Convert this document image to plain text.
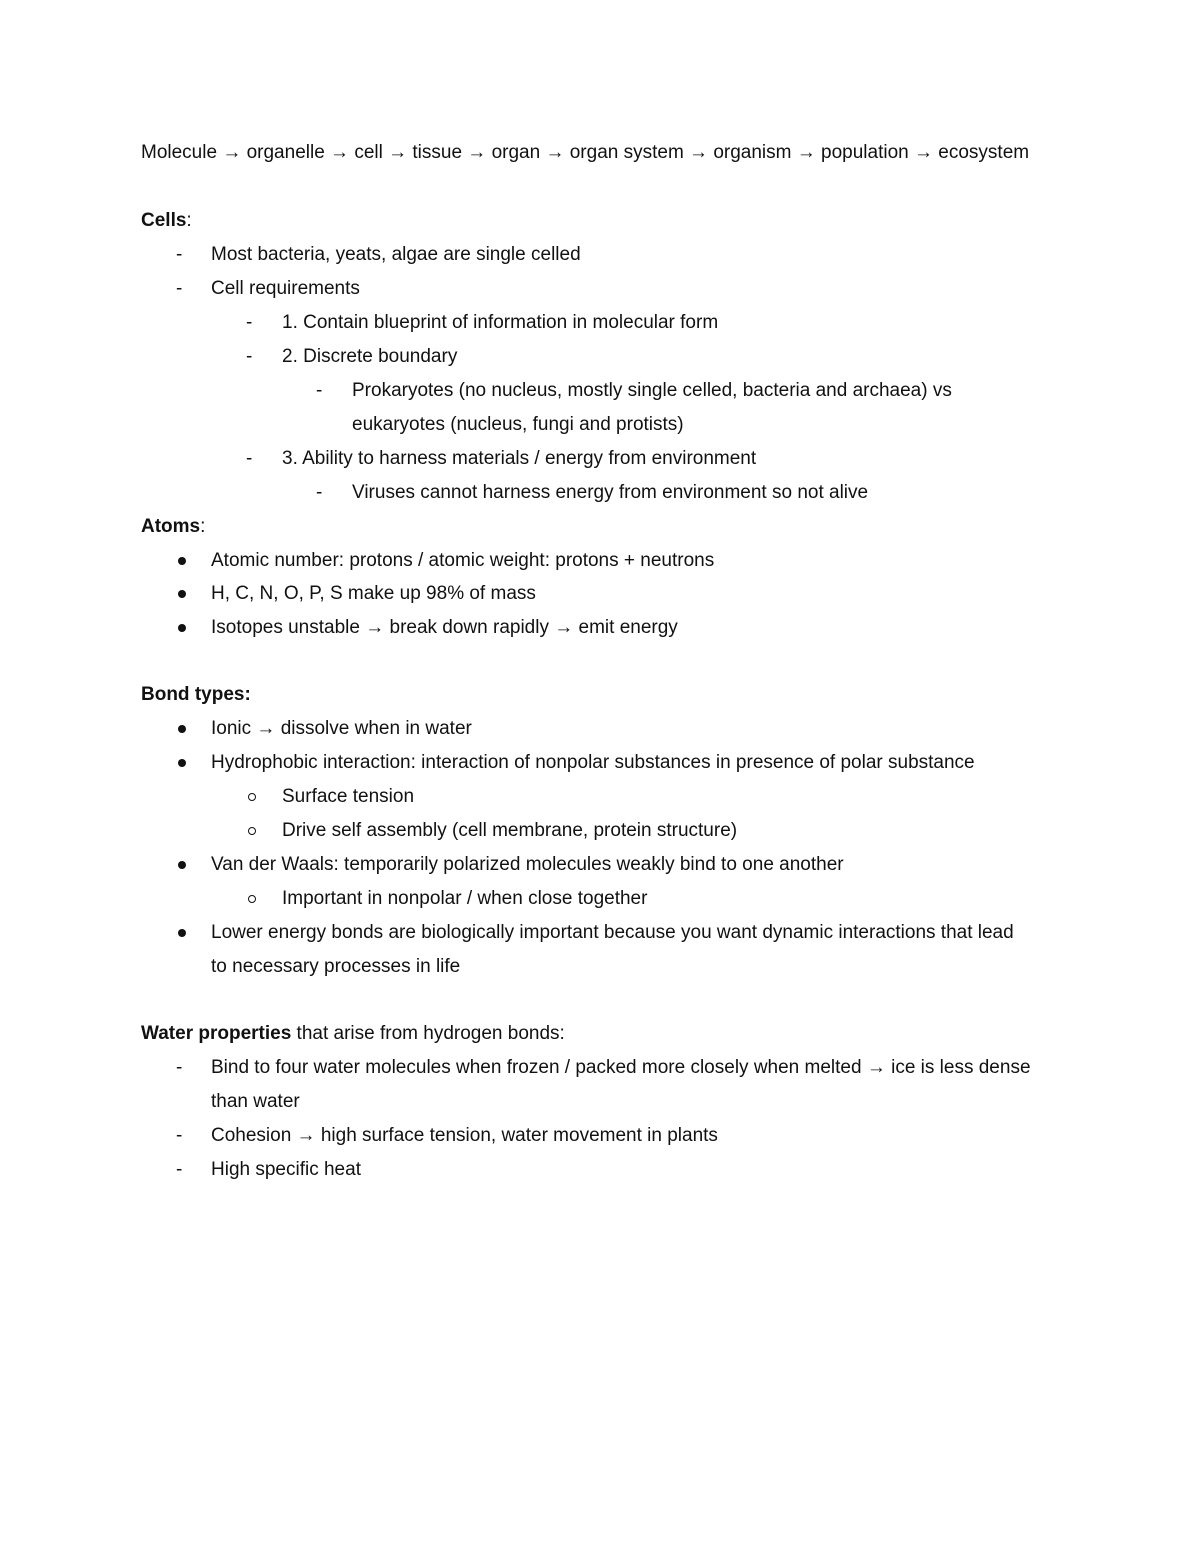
Molecule → organelle → cell → tissue → organ → organ system → organism → population → ecosystem
Cells:
- Most bacteria, yeats, algae are single celled
- Cell requirements
- 1. Contain blueprint of information in molecular form
- 2. Discrete boundary
- Prokaryotes (no nucleus, mostly single celled, bacteria and archaea) vs
eukaryotes (nucleus, fungi and protists)
- 3. Ability to harness materials / energy from environment
- Viruses cannot harness energy from environment so not alive
Atoms:
Atomic number: protons / atomic weight: protons + neutrons
H, C, N, O, P, S make up 98% of mass
Isotopes unstable → break down rapidly → emit energy
Bond types:
Ionic → dissolve when in water
Hydrophobic interaction: interaction of nonpolar substances in presence of polar substance
Surface tension
Drive self assembly (cell membrane, protein structure)
Van der Waals: temporarily polarized molecules weakly bind to one another
Important in nonpolar / when close together
Lower energy bonds are biologically important because you want dynamic interactions that lead
to necessary processes in life
Water properties that arise from hydrogen bonds:
- Bind to four water molecules when frozen / packed more closely when melted → ice is less dense
than water
- Cohesion → high surface tension, water movement in plants
- High specific heat
